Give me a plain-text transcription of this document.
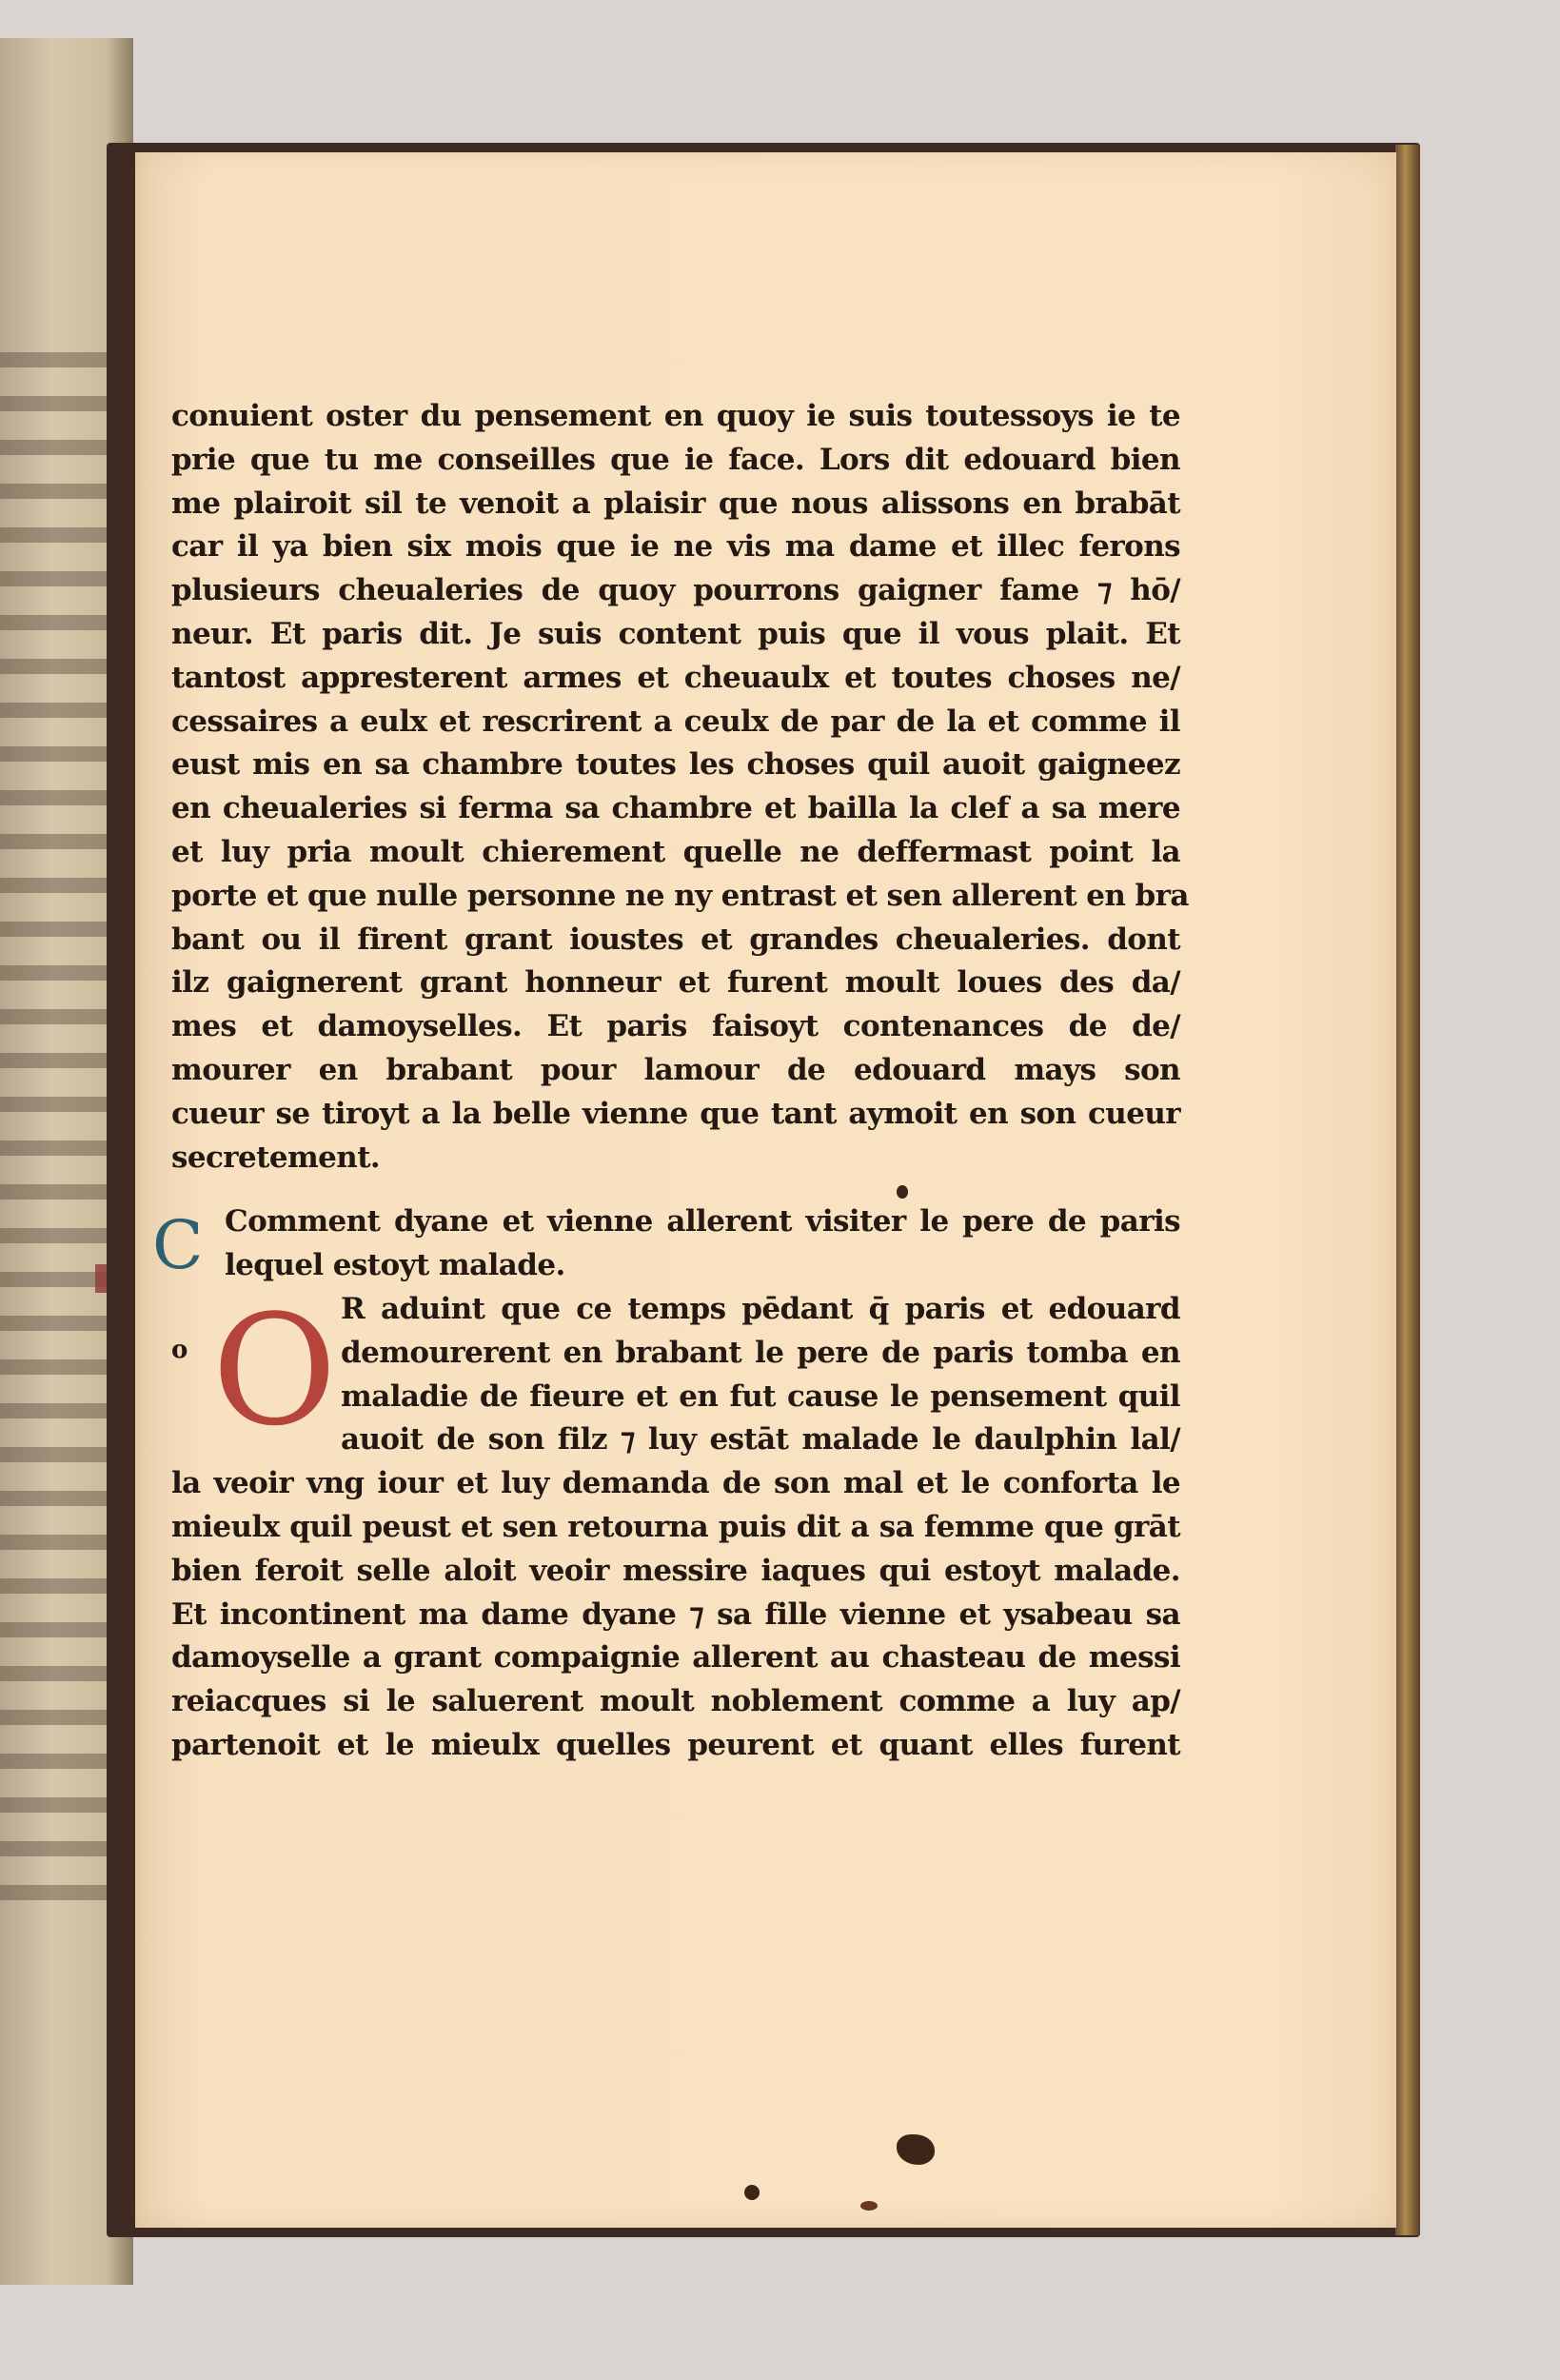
conuient oster du pensement en quoy ie suis toutessoys ie te
prie que tu me conseilles que ie face. Lors dit edouard bien
me plairoit sil te venoit a plaisir que nous alissons en brabāt
car il ya bien six mois que ie ne vis ma dame et illec ferons
plusieurs cheualeries de quoy pourrons gaigner fame ⁊ hō/
neur. Et paris dit. Je suis content puis que il vous plait. Et
tantost appresterent armes et cheuaulx et toutes choses ne/
cessaires a eulx et rescrirent a ceulx de par de la et comme il
eust mis en sa chambre toutes les choses quil auoit gaigneez
en cheualeries si ferma sa chambre et bailla la clef a sa mere
et luy pria moult chierement quelle ne deffermast point la
porte et que nulle personne ne ny entrast et sen allerent en bra
bant ou il firent grant ioustes et grandes cheualeries. dont
ilz gaignerent grant honneur et furent moult loues des da/
mes et damoyselles. Et paris faisoyt contenances de de/
mourer en brabant pour lamour de edouard mays son
cueur se tiroyt a la belle vienne que tant aymoit en son cueur
secretement.
C Comment dyane et vienne allerent visiter le pere de paris
lequel estoyt malade.
o O R aduint que ce temps pēdant q̄ paris et edouard
demourerent en brabant le pere de paris tomba en
maladie de fieure et en fut cause le pensement quil
auoit de son filz ⁊ luy estāt malade le daulphin lal/
la veoir vng iour et luy demanda de son mal et le conforta le
mieulx quil peust et sen retourna puis dit a sa femme que grāt
bien feroit selle aloit veoir messire iaques qui estoyt malade.
Et incontinent ma dame dyane ⁊ sa fille vienne et ysabeau sa
damoyselle a grant compaignie allerent au chasteau de messi
reiacques si le saluerent moult noblement comme a luy ap/
partenoit et le mieulx quelles peurent et quant elles furent
